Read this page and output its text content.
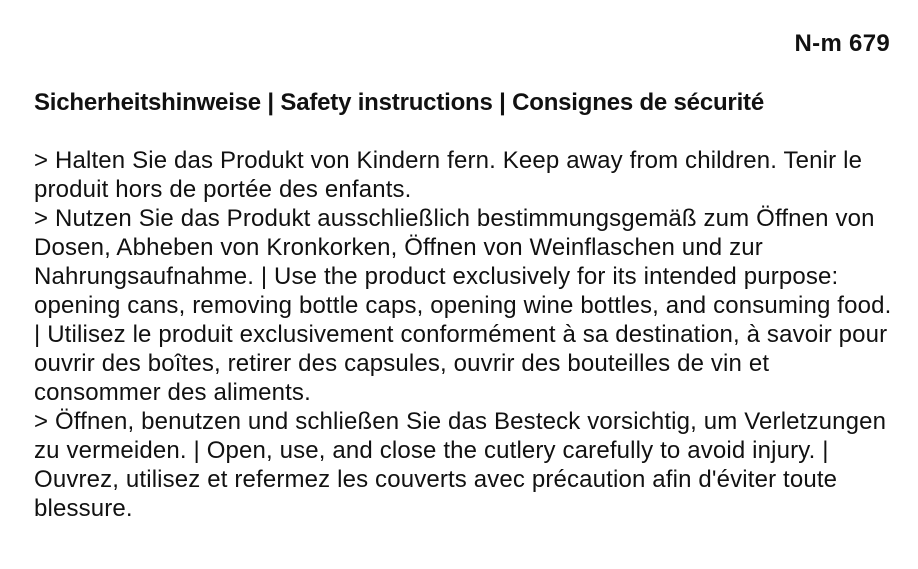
N-m 679
Sicherheitshinweise | Safety instructions | Consignes de sécurité
> Halten Sie das Produkt von Kindern fern. Keep away from children. Tenir le produit hors de portée des enfants.
> Nutzen Sie das Produkt ausschließlich bestimmungsgemäß zum Öffnen von Dosen, Abheben von Kronkorken, Öffnen von Weinflaschen und zur Nahrungsaufnahme. | Use the product exclusively for its intended purpose: opening cans, removing bottle caps, opening wine bottles, and consuming food. | Utilisez le produit exclusivement conformément à sa destination, à savoir pour ouvrir des boîtes, retirer des capsules, ouvrir des bouteilles de vin et consommer des aliments.
> Öffnen, benutzen und schließen Sie das Besteck vorsichtig, um Verletzungen zu vermeiden. | Open, use, and close the cutlery carefully to avoid injury. | Ouvrez, utilisez et refermez les couverts avec précaution afin d'éviter toute blessure.
